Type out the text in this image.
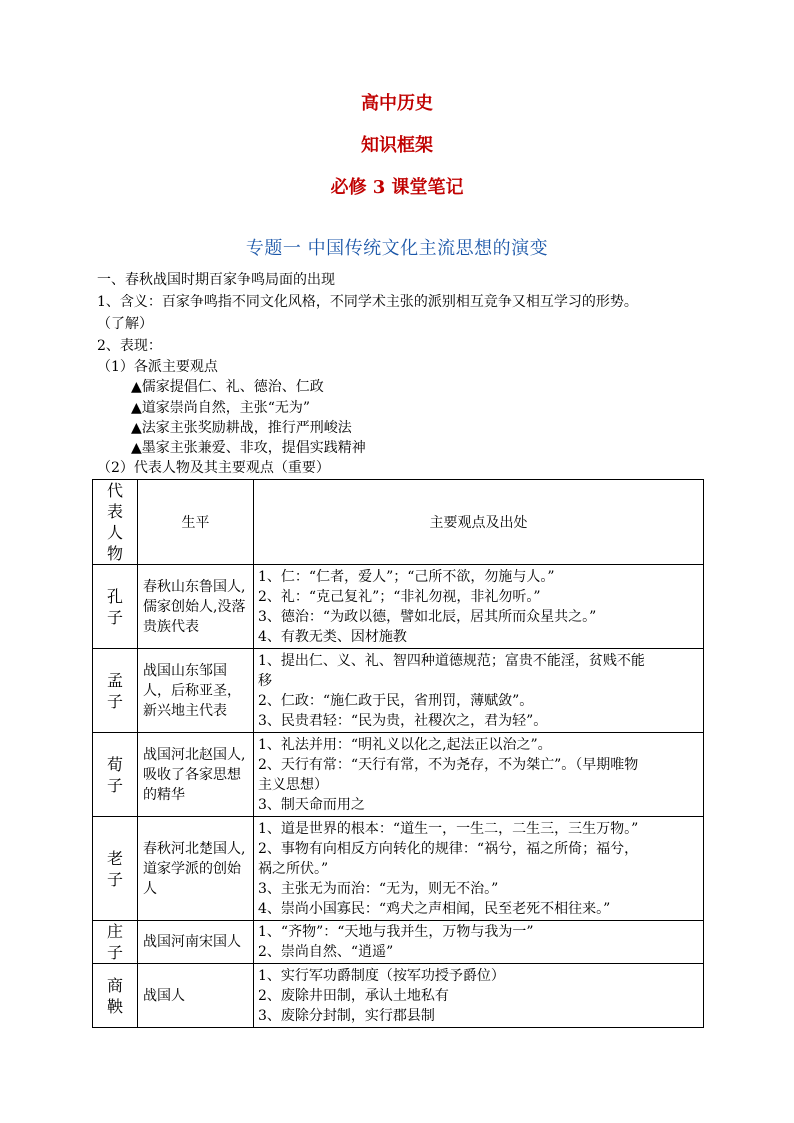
高中历史
知识框架
必修 3 课堂笔记
专题一 中国传统文化主流思想的演变
一、春秋战国时期百家争鸣局面的出现
1、含义：百家争鸣指不同文化风格，不同学术主张的派别相互竞争又相互学习的形势。
（了解）
2、表现：
（1）各派主要观点
▲儒家提倡仁、礼、德治、仁政
▲道家崇尚自然，主张“无为”
▲法家主张奖励耕战，推行严刑峻法
▲墨家主张兼爱、非攻，提倡实践精神
（2）代表人物及其主要观点（重要）
代
表
人
物	生平	主要观点及出处

孔
子	春秋山东鲁国人,儒家创始人,没落贵族代表	1、仁：“仁者，爱人”；“己所不欲，勿施与人。”
2、礼：“克己复礼”；“非礼勿视，非礼勿听。”
3、德治：“为政以德，譬如北辰，居其所而众星共之。”
4、有教无类、因材施教

孟
子	战国山东邹国人，后称亚圣，新兴地主代表	1、提出仁、义、礼、智四种道德规范；富贵不能淫，贫贱不能
移
2、仁政：“施仁政于民，省刑罚，薄赋敛”。
3、民贵君轻：“民为贵，社稷次之，君为轻”。

荀
子	战国河北赵国人,吸收了各家思想的精华	1、礼法并用：“明礼义以化之,起法正以治之”。
2、天行有常：“天行有常，不为尧存，不为桀亡”。（早期唯物
主义思想）
3、制天命而用之

老
子	春秋河北楚国人,道家学派的创始人	1、道是世界的根本：“道生一，一生二，二生三，三生万物。”
2、事物有向相反方向转化的规律：“祸兮，福之所倚；福兮，
祸之所伏。”
3、主张无为而治：“无为，则无不治。”
4、崇尚小国寡民：“鸡犬之声相闻，民至老死不相往来。”

庄
子	战国河南宋国人	1、“齐物”：“天地与我并生，万物与我为一”
2、崇尚自然、“逍遥”

商
鞅	战国人	1、实行军功爵制度（按军功授予爵位）
2、废除井田制，承认土地私有
3、废除分封制，实行郡县制
